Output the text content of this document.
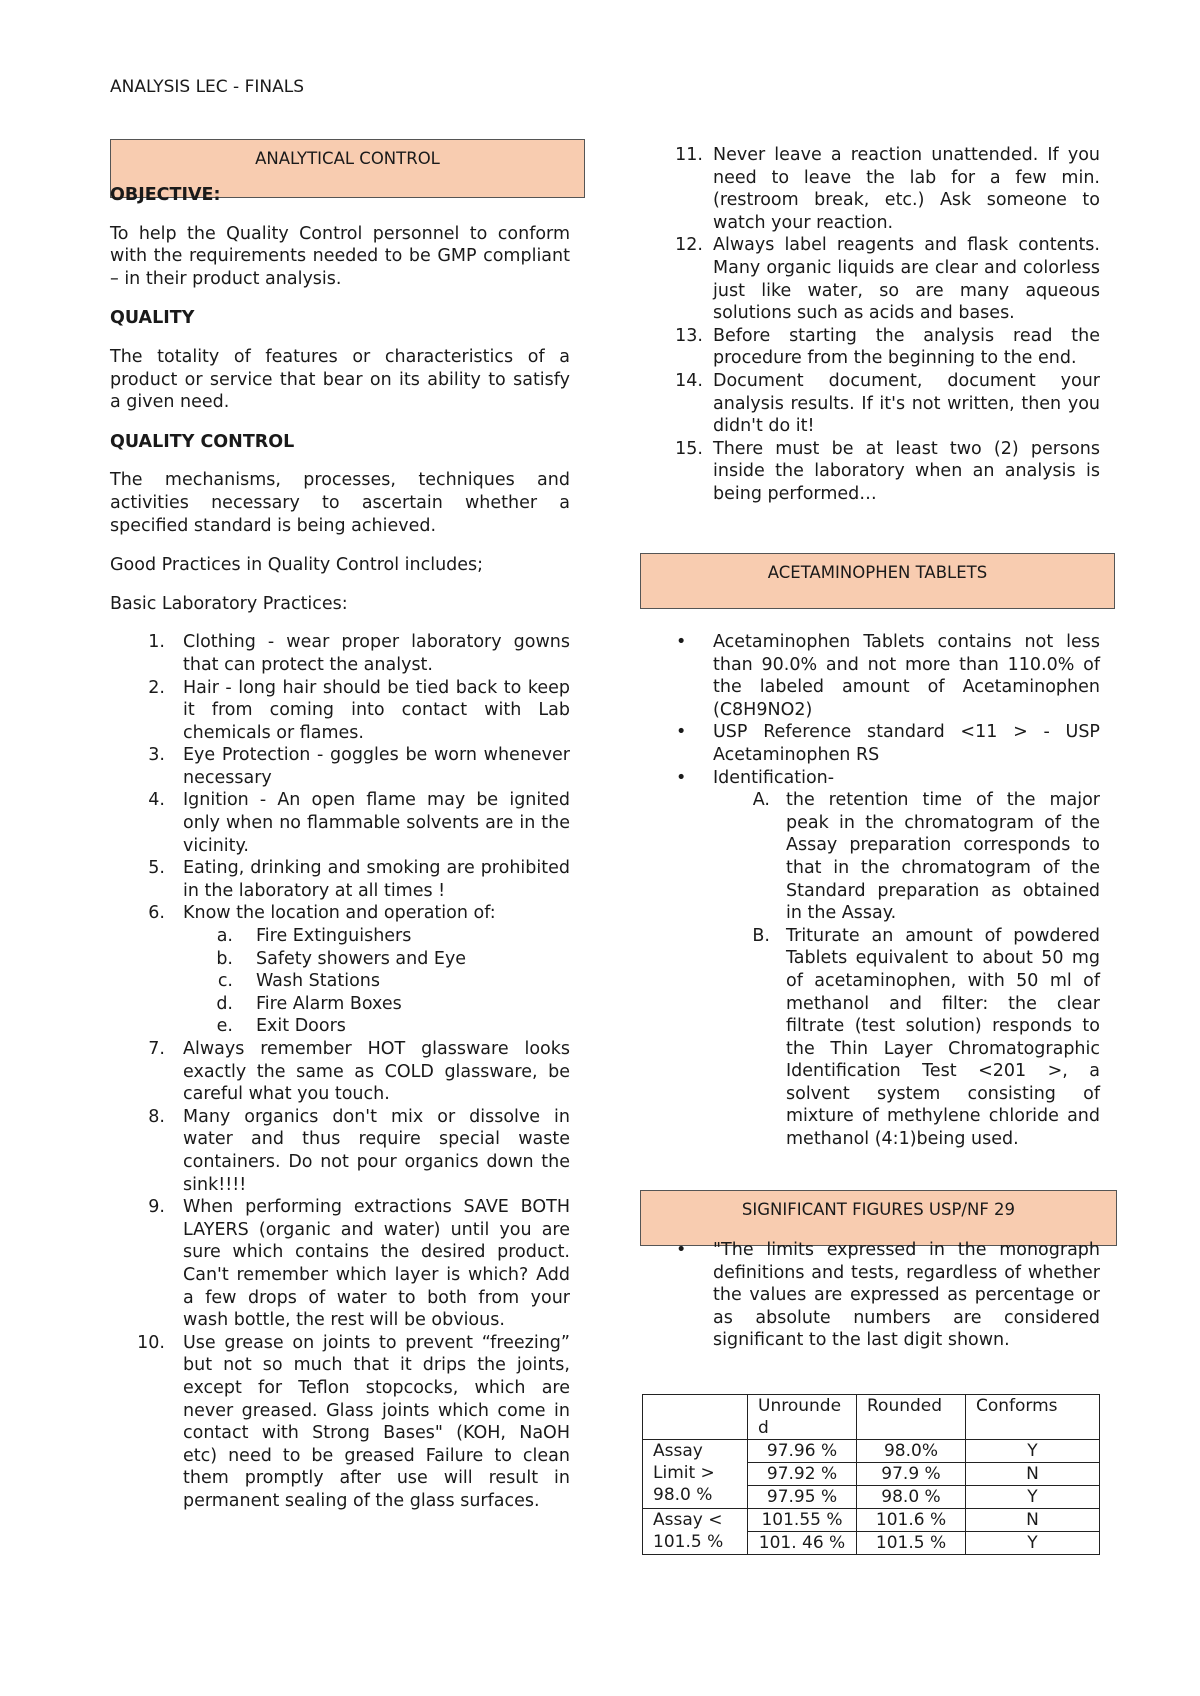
ANALYSIS LEC - FINALS
ANALYTICAL CONTROL

OBJECTIVE:

To help the Quality Control personnel to conform with the requirements needed to be GMP compliant – in their product analysis.

QUALITY

The totality of features or characteristics of a product or service that bear on its ability to satisfy a given need.

QUALITY CONTROL

The mechanisms, processes, techniques and activities necessary to ascertain whether a specified standard is being achieved.

Good Practices in Quality Control includes;

Basic Laboratory Practices:

1. Clothing - wear proper laboratory gowns that can protect the analyst.
2. Hair - long hair should be tied back to keep it from coming into contact with Lab chemicals or flames.
3. Eye Protection - goggles be worn whenever necessary
4. Ignition - An open flame may be ignited only when no flammable solvents are in the vicinity.
5. Eating, drinking and smoking are prohibited in the laboratory at all times !
6. Know the location and operation of:
a. Fire Extinguishers
b. Safety showers and Eye
c. Wash Stations
d. Fire Alarm Boxes
e. Exit Doors
7. Always remember HOT glassware looks exactly the same as COLD glassware, be careful what you touch.
8. Many organics don't mix or dissolve in water and thus require special waste containers. Do not pour organics down the sink!!!!
9. When performing extractions SAVE BOTH LAYERS (organic and water) until you are sure which contains the desired product. Can't remember which layer is which? Add a few drops of water to both from your wash bottle, the rest will be obvious.
10. Use grease on joints to prevent “freezing” but not so much that it drips the joints, except for Teflon stopcocks, which are never greased. Glass joints which come in contact with Strong Bases" (KOH, NaOH etc) need to be greased Failure to clean them promptly after use will result in permanent sealing of the glass surfaces.
11. Never leave a reaction unattended. If you need to leave the lab for a few min. (restroom break, etc.) Ask someone to watch your reaction.
12. Always label reagents and flask contents. Many organic liquids are clear and colorless just like water, so are many aqueous solutions such as acids and bases.
13. Before starting the analysis read the procedure from the beginning to the end.
14. Document document, document your analysis results. If it's not written, then you didn't do it!
15. There must be at least two (2) persons inside the laboratory when an analysis is being performed…
ACETAMINOPHEN TABLETS
• Acetaminophen Tablets contains not less than 90.0% and not more than 110.0% of the labeled amount of Acetaminophen (C8H9NO2)
• USP Reference standard <11 > - USP Acetaminophen RS
• Identification-
A. the retention time of the major peak in the chromatogram of the Assay preparation corresponds to that in the chromatogram of the Standard preparation as obtained in the Assay.
B. Triturate an amount of powdered Tablets equivalent to about 50 mg of acetaminophen, with 50 ml of methanol and filter: the clear filtrate (test solution) responds to the Thin Layer Chromatographic Identification Test <201 >, a solvent system consisting of mixture of methylene chloride and methanol (4:1)being used.
SIGNIFICANT FIGURES USP/NF 29
• "The limits expressed in the monograph definitions and tests, regardless of whether the values are expressed as percentage or as absolute numbers are considered significant to the last digit shown.
	Unrounde d	Rounded	Conforms
Assay Limit > 98.0 %	97.96 %	98.0%	Y
	97.92 %	97.9 %	N
	97.95 %	98.0 %	Y
Assay < 101.5 %	101.55 %	101.6 %	N
	101. 46 %	101.5 %	Y
